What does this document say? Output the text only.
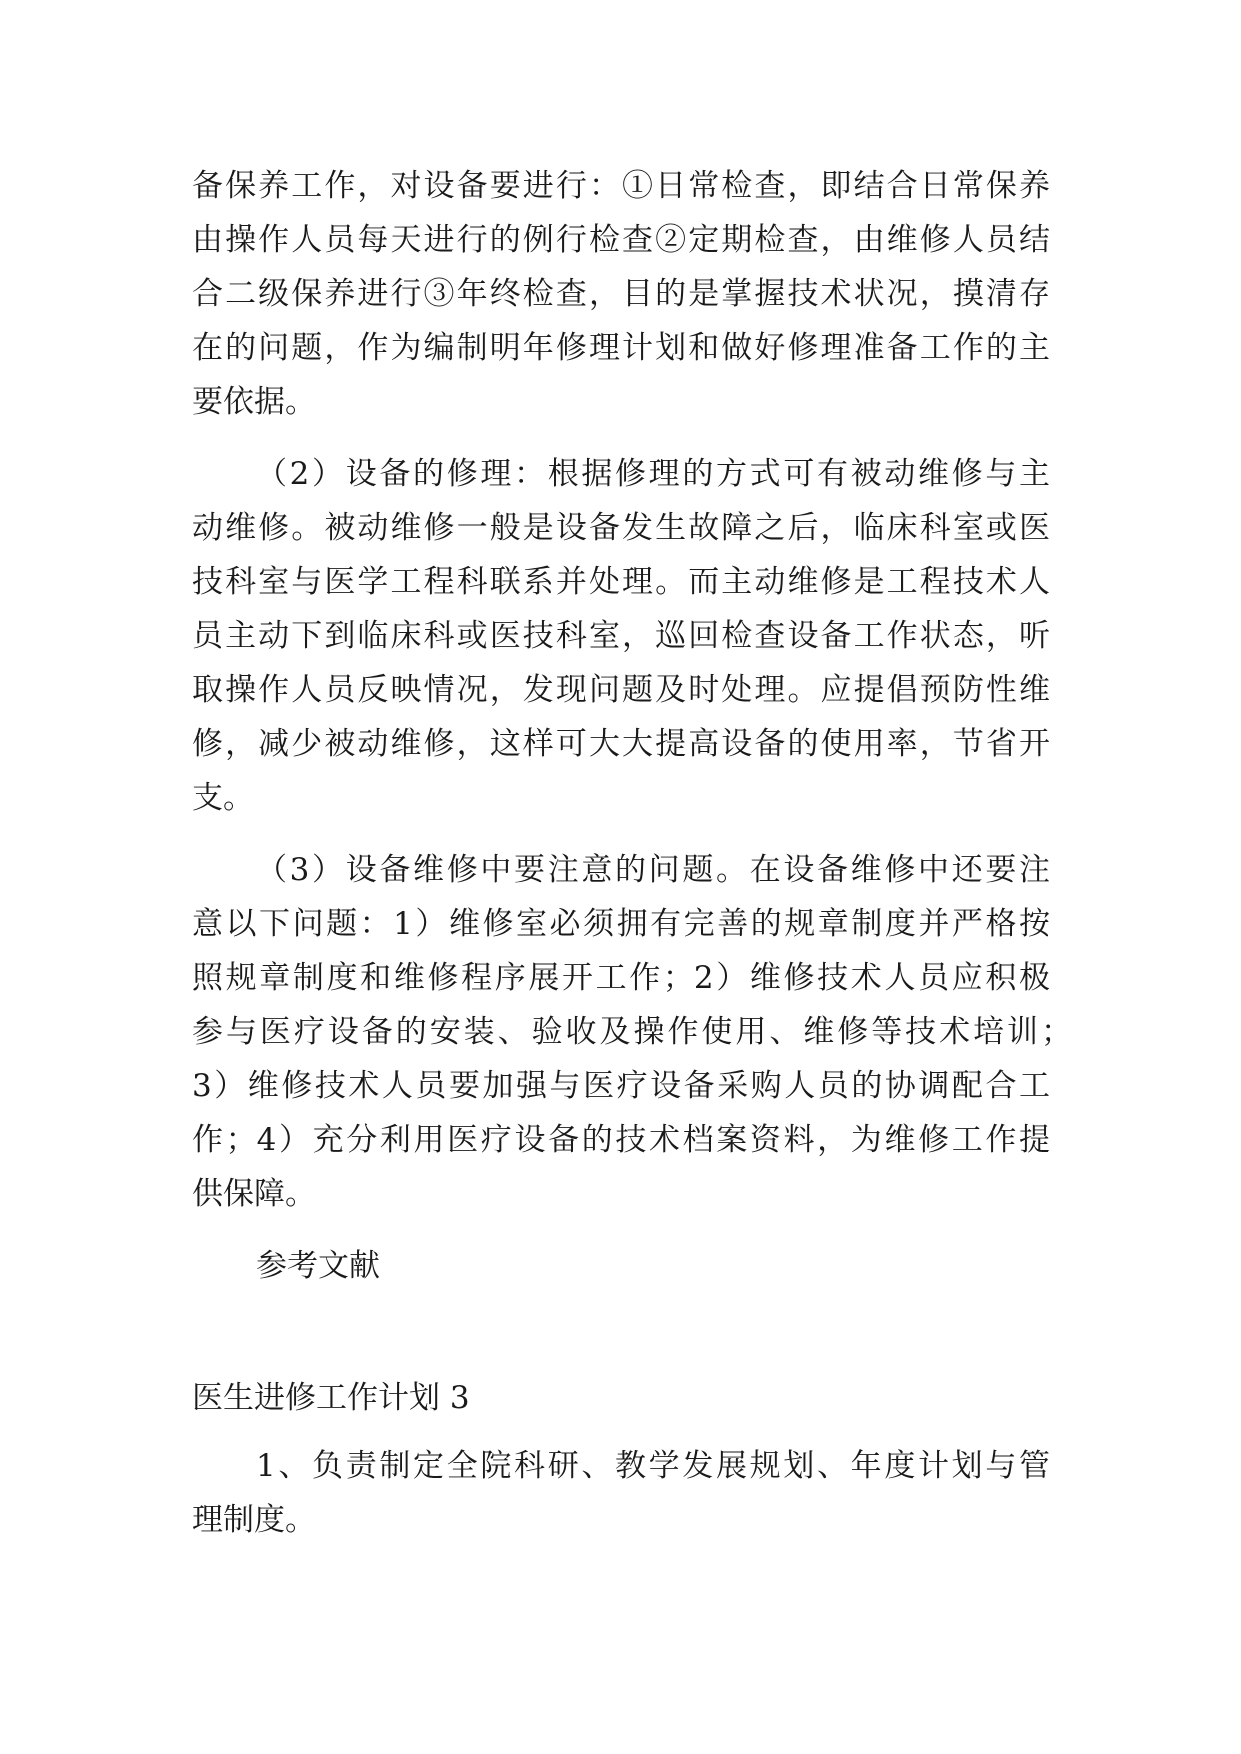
备保养工作，对设备要进行：①日常检查，即结合日常保养
由操作人员每天进行的例行检查②定期检查，由维修人员结
合二级保养进行③年终检查，目的是掌握技术状况，摸清存
在的问题，作为编制明年修理计划和做好修理准备工作的主
要依据。
（2）设备的修理：根据修理的方式可有被动维修与主
动维修。被动维修一般是设备发生故障之后，临床科室或医
技科室与医学工程科联系并处理。而主动维修是工程技术人
员主动下到临床科或医技科室，巡回检查设备工作状态，听
取操作人员反映情况，发现问题及时处理。应提倡预防性维
修，减少被动维修，这样可大大提高设备的使用率，节省开
支。
（3）设备维修中要注意的问题。在设备维修中还要注
意以下问题：1）维修室必须拥有完善的规章制度并严格按
照规章制度和维修程序展开工作；2）维修技术人员应积极
参与医疗设备的安装、验收及操作使用、维修等技术培训；
3）维修技术人员要加强与医疗设备采购人员的协调配合工
作；4）充分利用医疗设备的技术档案资料，为维修工作提
供保障。
参考文献
医生进修工作计划 3
1、负责制定全院科研、教学发展规划、年度计划与管
理制度。
